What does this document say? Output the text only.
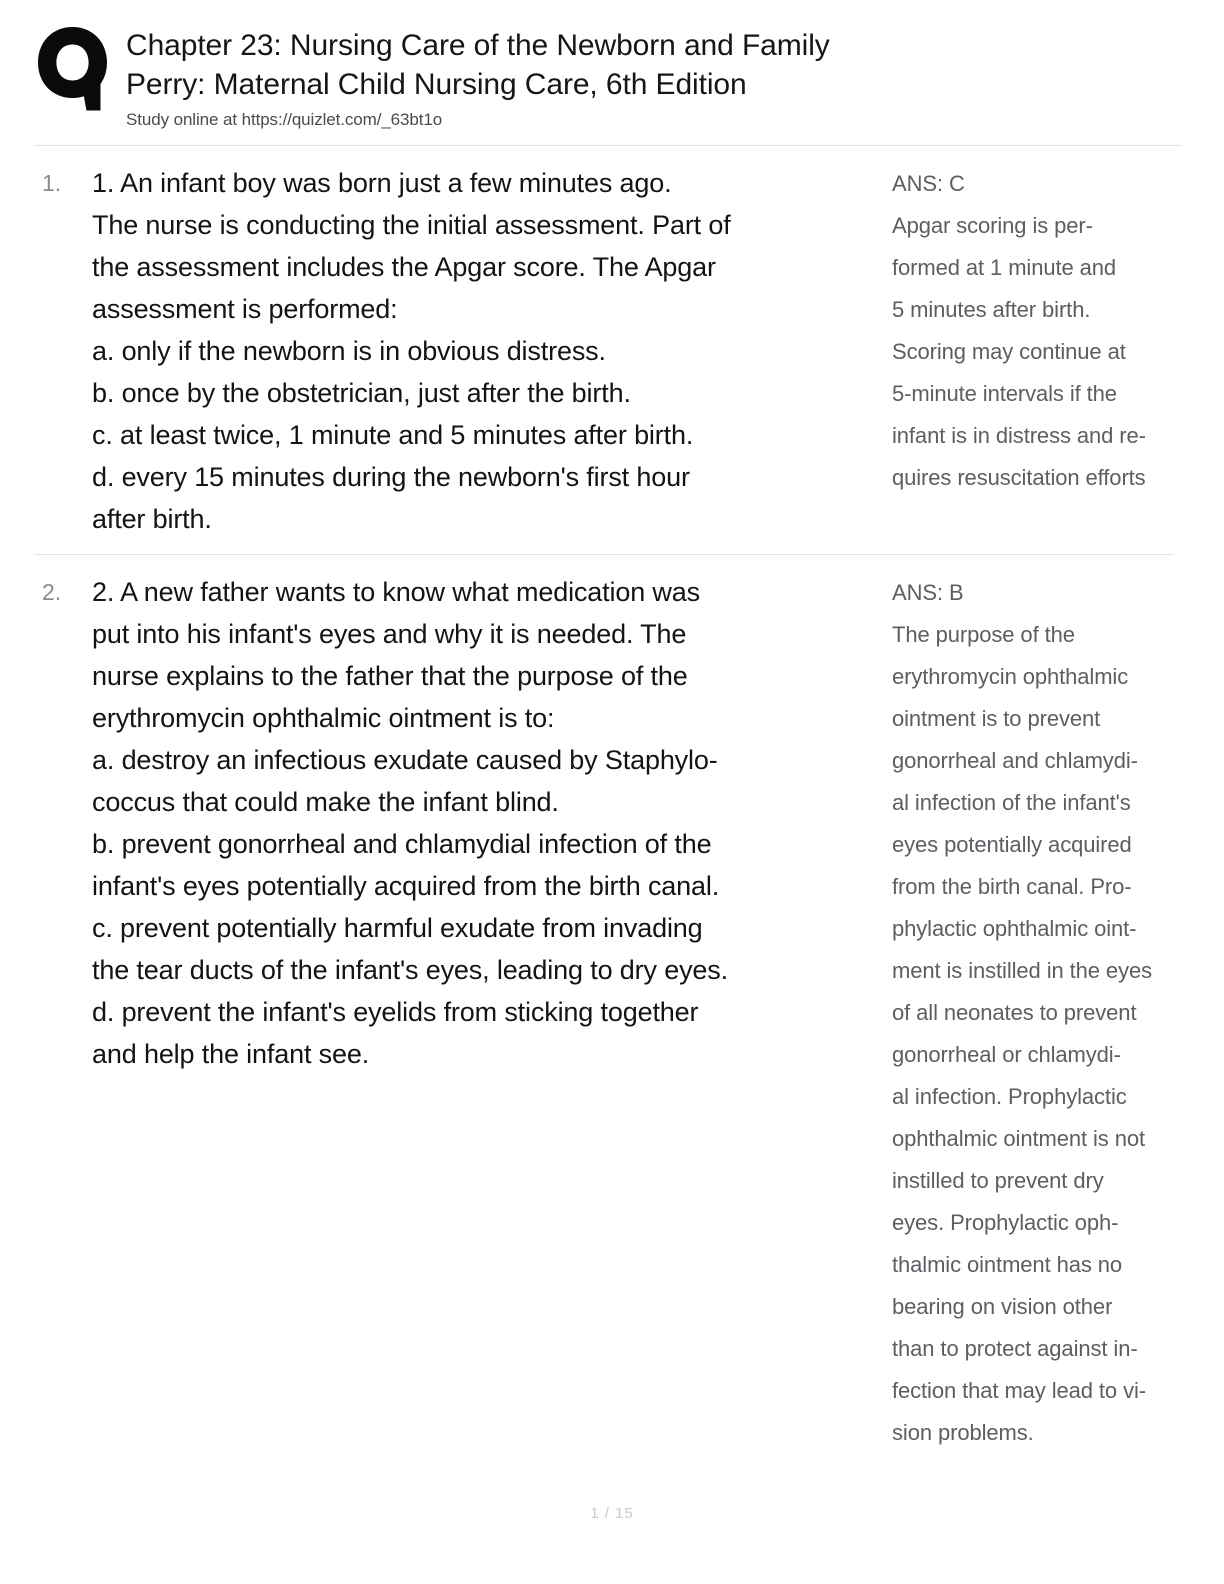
Chapter 23: Nursing Care of the Newborn and Family
Perry: Maternal Child Nursing Care, 6th Edition
Study online at https://quizlet.com/_63bt1o
1.	1. An infant boy was born just a few minutes ago.
The nurse is conducting the initial assessment. Part of
the assessment includes the Apgar score. The Apgar
assessment is performed:
a. only if the newborn is in obvious distress.
b. once by the obstetrician, just after the birth.
c. at least twice, 1 minute and 5 minutes after birth.
d. every 15 minutes during the newborn's first hour
after birth.
ANS: C
Apgar scoring is per-
formed at 1 minute and
5 minutes after birth.
Scoring may continue at
5-minute intervals if the
infant is in distress and re-
quires resuscitation efforts
2.	2. A new father wants to know what medication was
put into his infant's eyes and why it is needed. The
nurse explains to the father that the purpose of the
erythromycin ophthalmic ointment is to:
a. destroy an infectious exudate caused by Staphylo-
coccus that could make the infant blind.
b. prevent gonorrheal and chlamydial infection of the
infant's eyes potentially acquired from the birth canal.
c. prevent potentially harmful exudate from invading
the tear ducts of the infant's eyes, leading to dry eyes.
d. prevent the infant's eyelids from sticking together
and help the infant see.
ANS: B
The purpose of the
erythromycin ophthalmic
ointment is to prevent
gonorrheal and chlamydi-
al infection of the infant's
eyes potentially acquired
from the birth canal. Pro-
phylactic ophthalmic oint-
ment is instilled in the eyes
of all neonates to prevent
gonorrheal or chlamydi-
al infection. Prophylactic
ophthalmic ointment is not
instilled to prevent dry
eyes. Prophylactic oph-
thalmic ointment has no
bearing on vision other
than to protect against in-
fection that may lead to vi-
sion problems.
1 / 15
